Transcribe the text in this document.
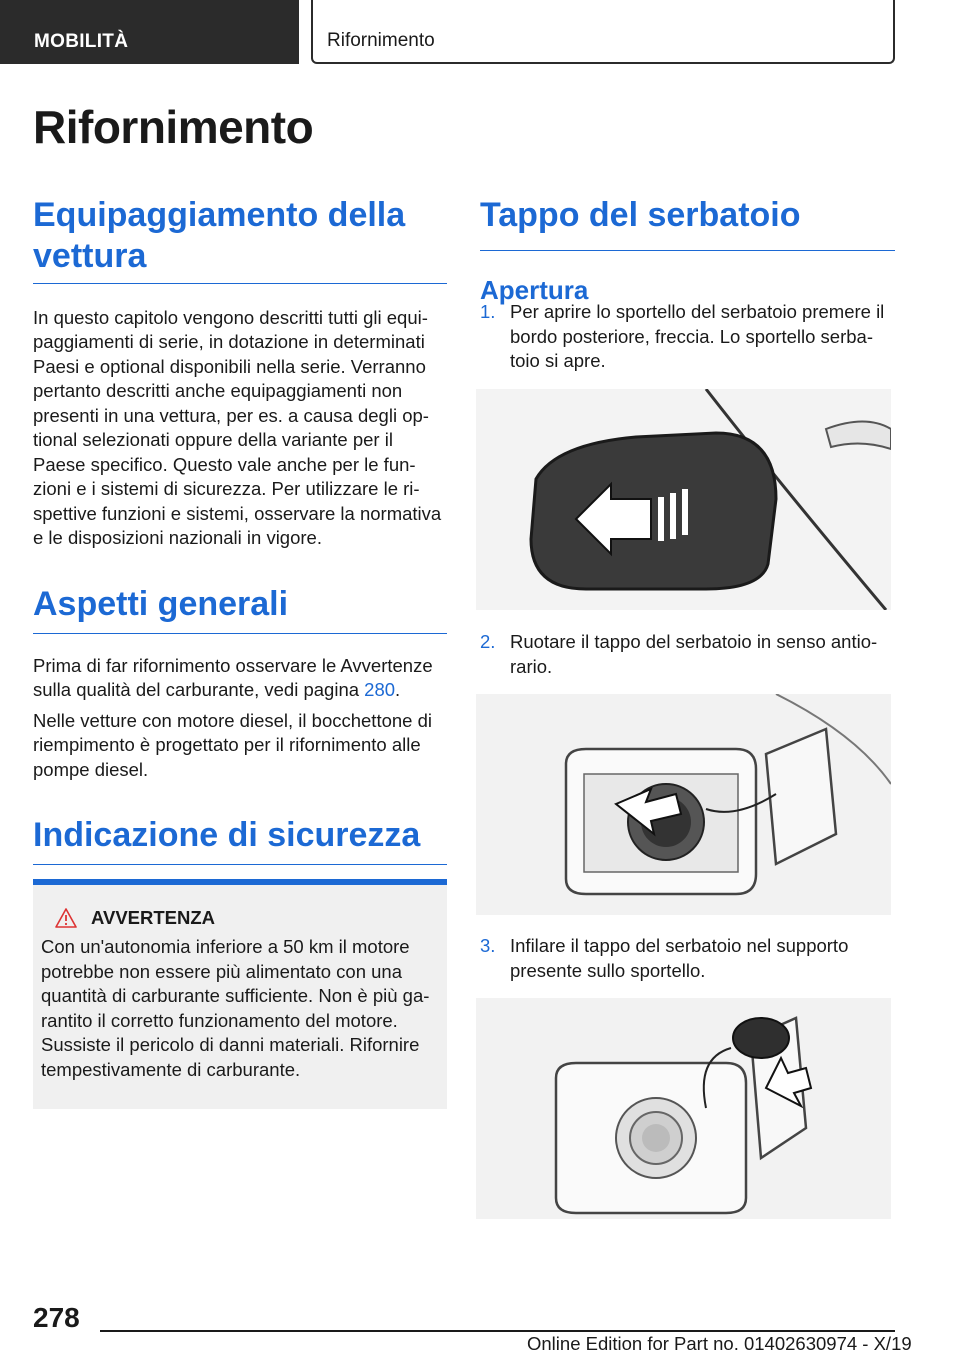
MOBILITÀ	Rifornimento
Rifornimento
Equipaggiamento della vettura

In questo capitolo vengono descritti tutti gli equi‐

paggiamenti di serie, in dotazione in determinati

Paesi e optional disponibili nella serie. Verranno

pertanto descritti anche equipaggiamenti non

presenti in una vettura, per es. a causa degli op‐

tional selezionati oppure della variante per il

Paese specifico. Questo vale anche per le fun‐

zioni e i sistemi di sicurezza. Per utilizzare le ri‐

spettive funzioni e sistemi, osservare la normativa

e le disposizioni nazionali in vigore.

Aspetti generali

Prima di far rifornimento osservare le Avvertenze

sulla qualità del carburante, vedi pagina 280.

Nelle vetture con motore diesel, il bocchettone di

riempimento è progettato per il rifornimento alle

pompe diesel.

Indicazione di sicurezza
AVVERTENZA

Con un'autonomia inferiore a 50 km il motore

potrebbe non essere più alimentato con una

quantità di carburante sufficiente. Non è più ga‐

rantito il corretto funzionamento del motore.

Sussiste il pericolo di danni materiali. Rifornire

tempestivamente di carburante.

Tappo del serbatoio
Apertura
1. Per aprire lo sportello del serbatoio premere il
bordo posteriore, freccia. Lo sportello serba‐
toio si apre.
2. Ruotare il tappo del serbatoio in senso antio‐
rario.
3. Infilare il tappo del serbatoio nel supporto
presente sullo sportello.
278
Online Edition for Part no. 01402630974 - X/19
